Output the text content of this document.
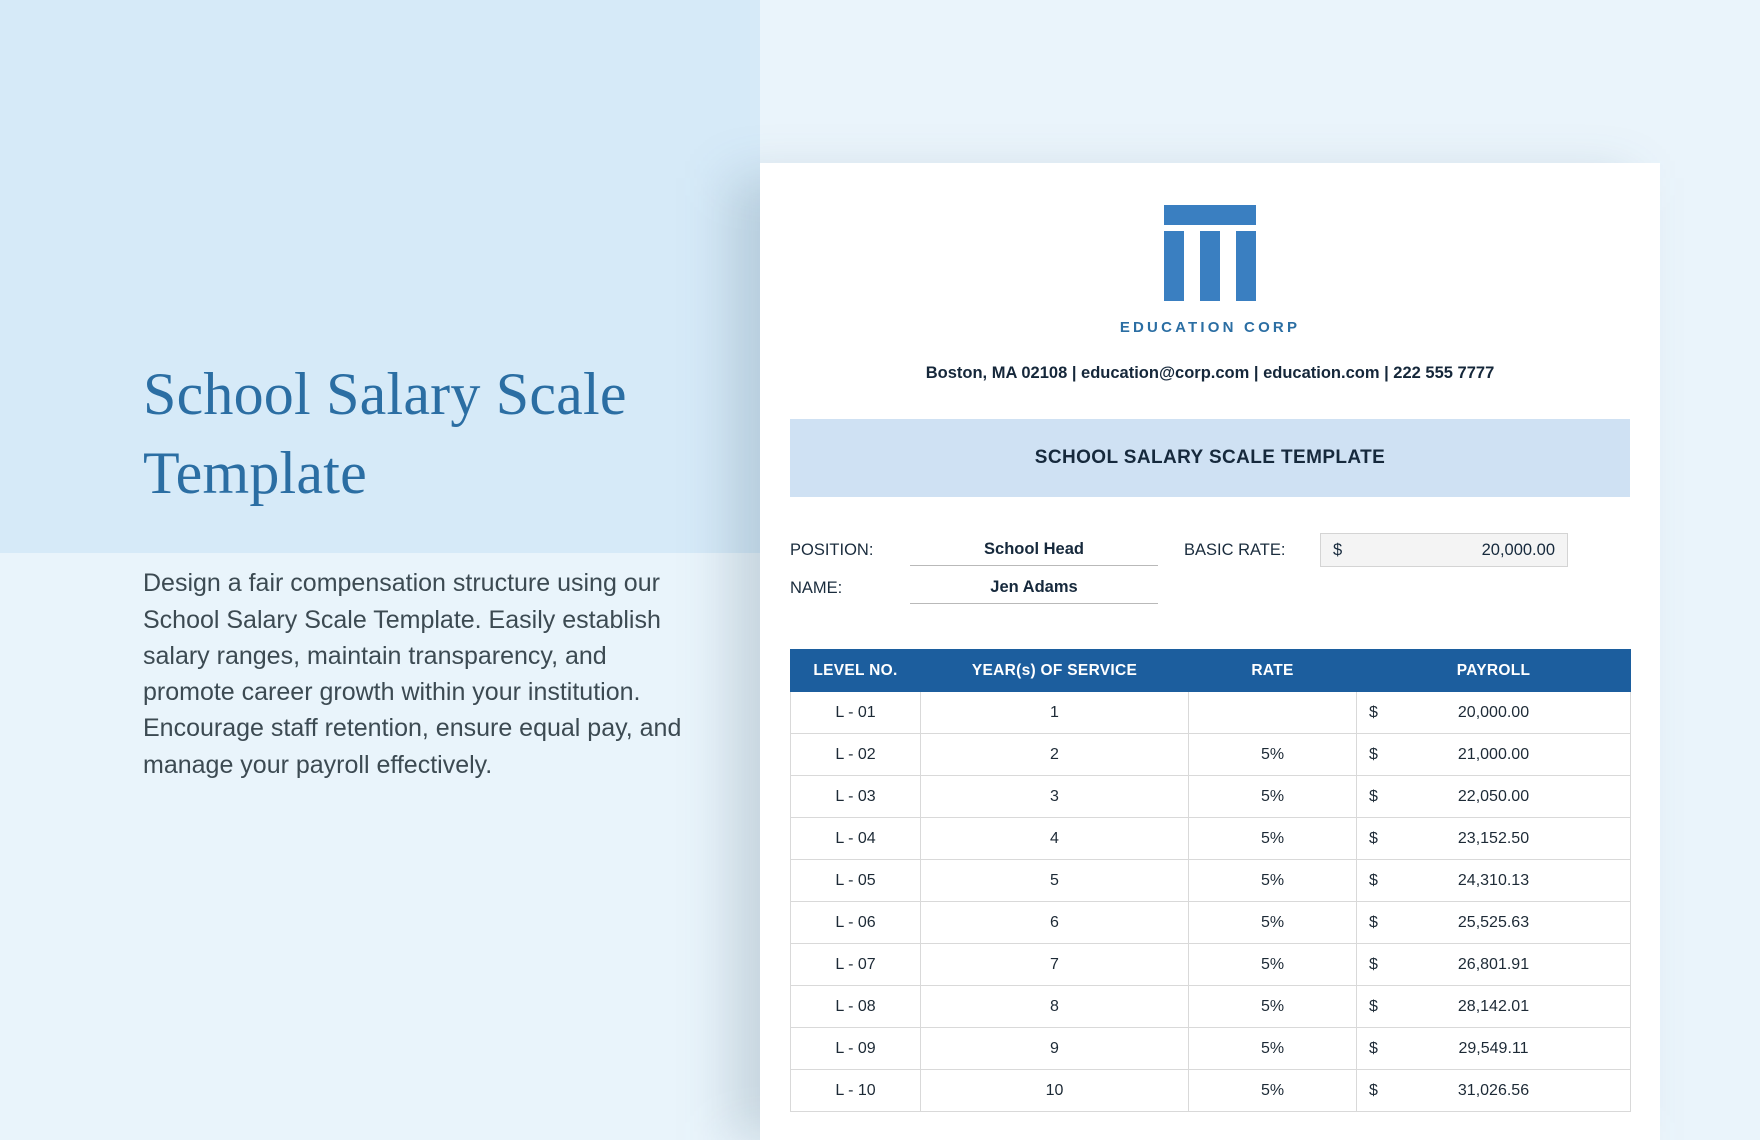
School Salary Scale Template

Design a fair compensation structure using our School Salary Scale Template. Easily establish salary ranges, maintain transparency, and promote career growth within your institution. Encourage staff retention, ensure equal pay, and manage your payroll effectively.

EDUCATION CORP
Boston, MA 02108 | education@corp.com | education.com | 222 555 7777
SCHOOL SALARY SCALE TEMPLATE
POSITION:	School Head	BASIC RATE:	$	20,000.00
NAME:	Jen Adams
LEVEL NO.	YEAR(s) OF SERVICE	RATE	PAYROLL
L - 01	1		$ 20,000.00
L - 02	2	5%	$ 21,000.00
L - 03	3	5%	$ 22,050.00
L - 04	4	5%	$ 23,152.50
L - 05	5	5%	$ 24,310.13
L - 06	6	5%	$ 25,525.63
L - 07	7	5%	$ 26,801.91
L - 08	8	5%	$ 28,142.01
L - 09	9	5%	$ 29,549.11
L - 10	10	5%	$ 31,026.56
